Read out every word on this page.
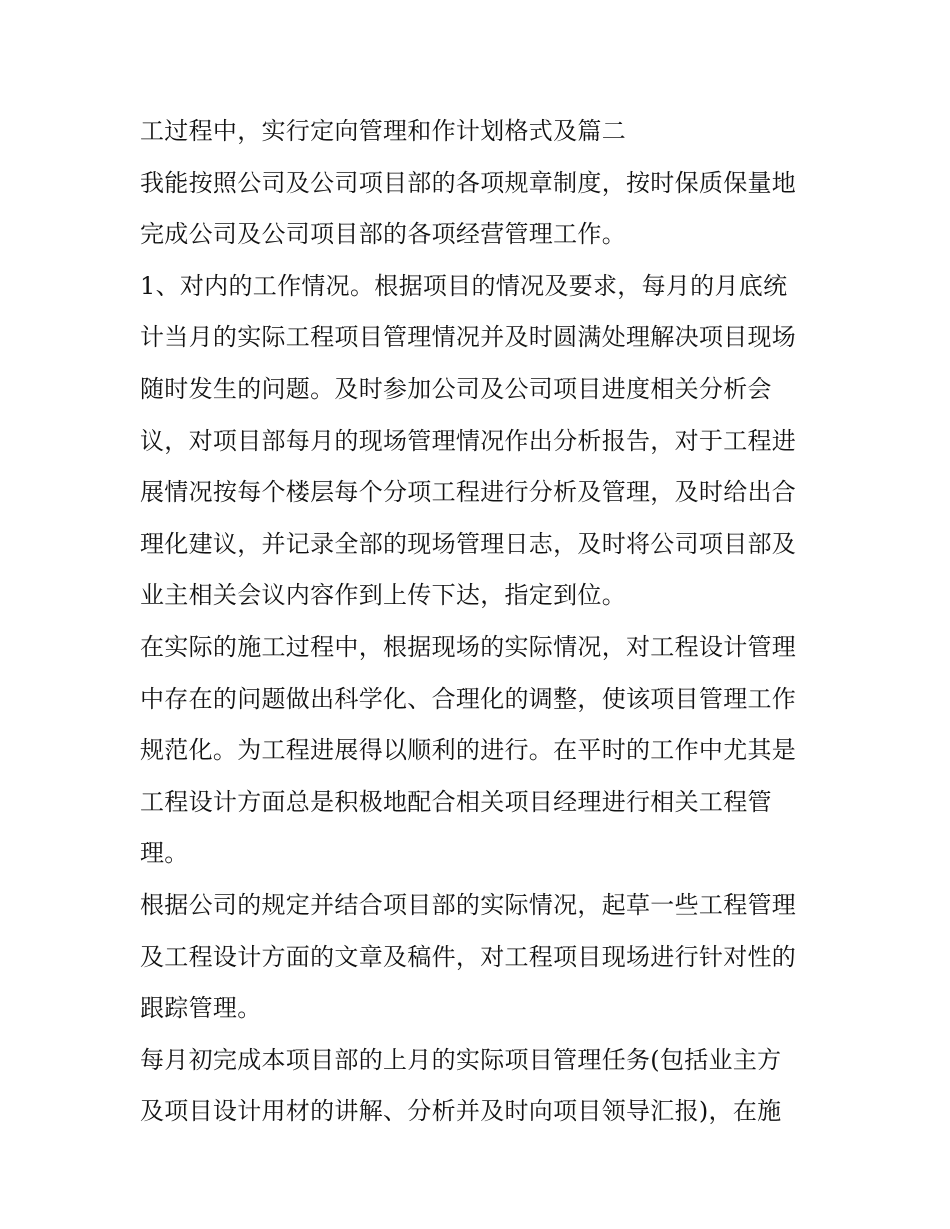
工过程中，实行定向管理和作计划格式及篇二
我能按照公司及公司项目部的各项规章制度，按时保质保量地
完成公司及公司项目部的各项经营管理工作。
1、对内的工作情况。根据项目的情况及要求，每月的月底统
计当月的实际工程项目管理情况并及时圆满处理解决项目现场
随时发生的问题。及时参加公司及公司项目进度相关分析会
议，对项目部每月的现场管理情况作出分析报告，对于工程进
展情况按每个楼层每个分项工程进行分析及管理，及时给出合
理化建议，并记录全部的现场管理日志，及时将公司项目部及
业主相关会议内容作到上传下达，指定到位。
在实际的施工过程中，根据现场的实际情况，对工程设计管理
中存在的问题做出科学化、合理化的调整，使该项目管理工作
规范化。为工程进展得以顺利的进行。在平时的工作中尤其是
工程设计方面总是积极地配合相关项目经理进行相关工程管
理。
根据公司的规定并结合项目部的实际情况，起草一些工程管理
及工程设计方面的文章及稿件，对工程项目现场进行针对性的
跟踪管理。
每月初完成本项目部的上月的实际项目管理任务(包括业主方
及项目设计用材的讲解、分析并及时向项目领导汇报)，在施
